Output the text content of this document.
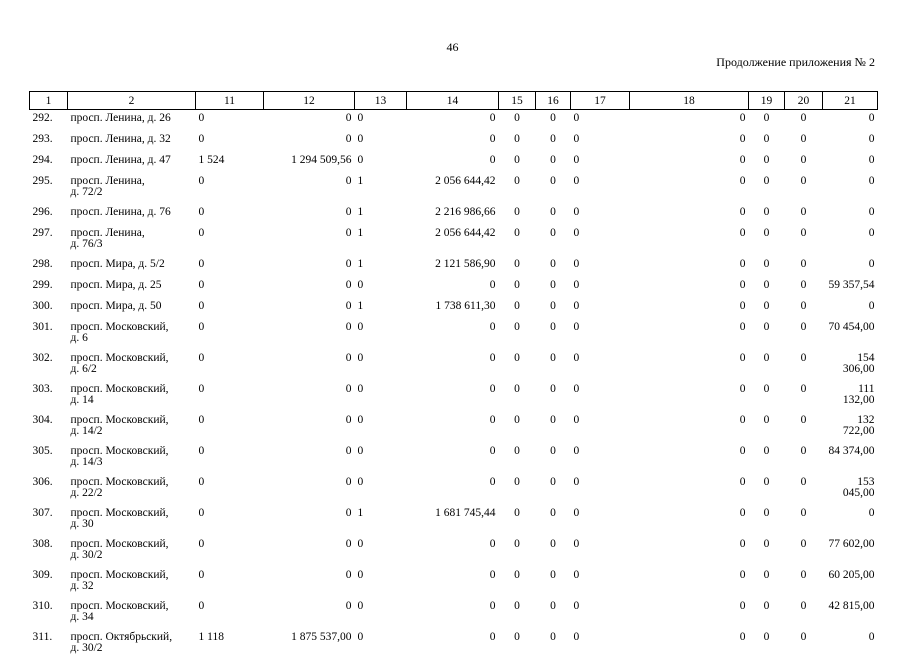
46
Продолжение приложения № 2
1	2	11	12	13	14	15	16	17	18	19	20	21
292.	просп. Ленина, д. 26	0	0	0	0	0	0	0	0	0	0	0
293.	просп. Ленина, д. 32	0	0	0	0	0	0	0	0	0	0	0
294.	просп. Ленина, д. 47	1 524	1 294 509,56	0	0	0	0	0	0	0	0	0
295.	просп. Ленина,
д. 72/2	0	0	1	2 056 644,42	0	0	0	0	0	0	0
296.	просп. Ленина, д. 76	0	0	1	2 216 986,66	0	0	0	0	0	0	0
297.	просп. Ленина,
д. 76/3	0	0	1	2 056 644,42	0	0	0	0	0	0	0
298.	просп. Мира, д. 5/2	0	0	1	2 121 586,90	0	0	0	0	0	0	0
299.	просп. Мира, д. 25	0	0	0	0	0	0	0	0	0	0	59 357,54
300.	просп. Мира, д. 50	0	0	1	1 738 611,30	0	0	0	0	0	0	0
301.	просп. Московский,
д. 6	0	0	0	0	0	0	0	0	0	0	70 454,00
302.	просп. Московский,
д. 6/2	0	0	0	0	0	0	0	0	0	0	154 306,00
303.	просп. Московский,
д. 14	0	0	0	0	0	0	0	0	0	0	111 132,00
304.	просп. Московский,
д. 14/2	0	0	0	0	0	0	0	0	0	0	132 722,00
305.	просп. Московский,
д. 14/3	0	0	0	0	0	0	0	0	0	0	84 374,00
306.	просп. Московский,
д. 22/2	0	0	0	0	0	0	0	0	0	0	153 045,00
307.	просп. Московский,
д. 30	0	0	1	1 681 745,44	0	0	0	0	0	0	0
308.	просп. Московский,
д. 30/2	0	0	0	0	0	0	0	0	0	0	77 602,00
309.	просп. Московский,
д. 32	0	0	0	0	0	0	0	0	0	0	60 205,00
310.	просп. Московский,
д. 34	0	0	0	0	0	0	0	0	0	0	42 815,00
311.	просп. Октябрьский,
д. 30/2	1 118	1 875 537,00	0	0	0	0	0	0	0	0	0
